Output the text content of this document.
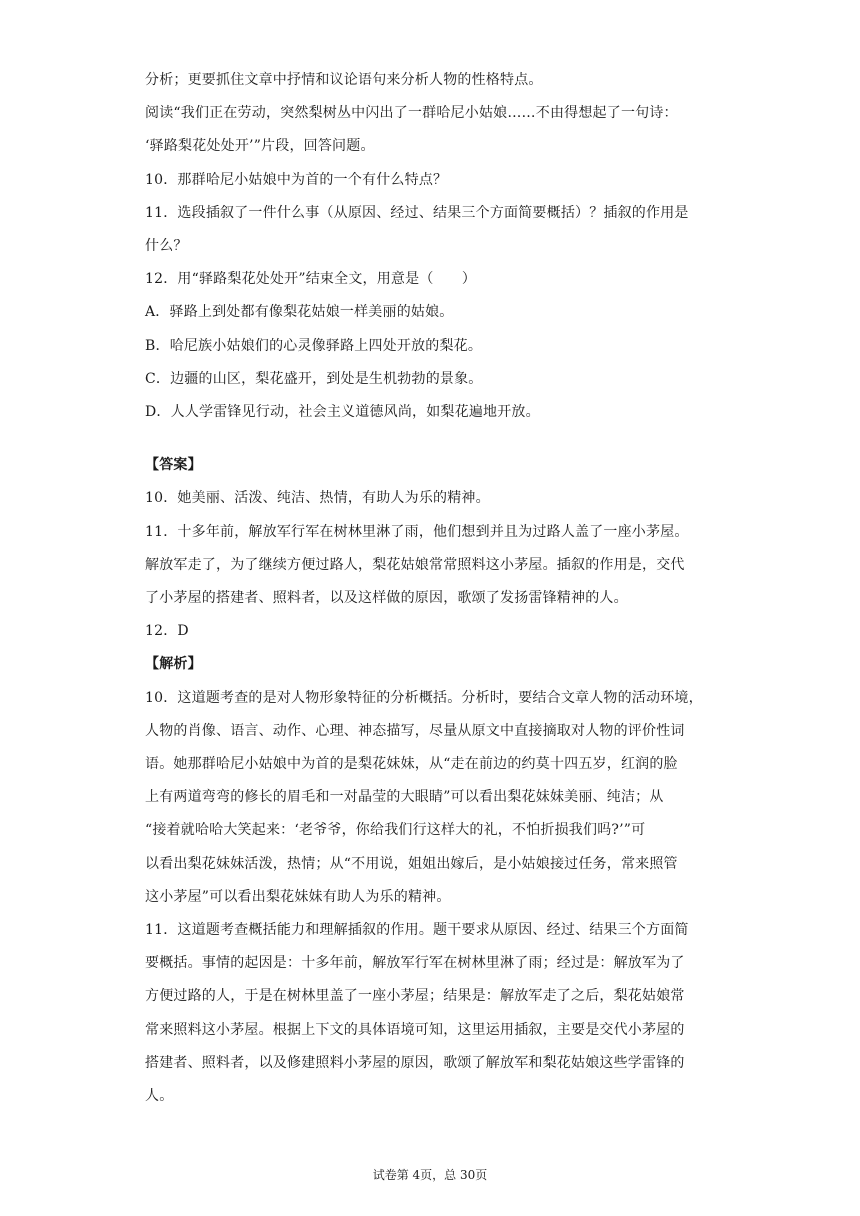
分析；更要抓住文章中抒情和议论语句来分析人物的性格特点。

阅读“我们正在劳动，突然梨树丛中闪出了一群哈尼小姑娘……不由得想起了一句诗：

‘驿路梨花处处开’”片段，回答问题。

10．那群哈尼小姑娘中为首的一个有什么特点？

11．选段插叙了一件什么事（从原因、经过、结果三个方面简要概括）？插叙的作用是

什么？

12．用“驿路梨花处处开”结束全文，用意是（　　）

A．驿路上到处都有像梨花姑娘一样美丽的姑娘。

B．哈尼族小姑娘们的心灵像驿路上四处开放的梨花。

C．边疆的山区，梨花盛开，到处是生机勃勃的景象。

D．人人学雷锋见行动，社会主义道德风尚，如梨花遍地开放。

【答案】

10．她美丽、活泼、纯洁、热情，有助人为乐的精神。

11．十多年前，解放军行军在树林里淋了雨，他们想到并且为过路人盖了一座小茅屋。

解放军走了，为了继续方便过路人，梨花姑娘常常照料这小茅屋。插叙的作用是，交代

了小茅屋的搭建者、照料者，以及这样做的原因，歌颂了发扬雷锋精神的人。

12．D

【解析】

10．这道题考查的是对人物形象特征的分析概括。分析时，要结合文章人物的活动环境，

人物的肖像、语言、动作、心理、神态描写，尽量从原文中直接摘取对人物的评价性词

语。她那群哈尼小姑娘中为首的是梨花妹妹，从“走在前边的约莫十四五岁，红润的脸

上有两道弯弯的修长的眉毛和一对晶莹的大眼睛”可以看出梨花妹妹美丽、纯洁；从

“接着就哈哈大笑起来：‘老爷爷，你给我们行这样大的礼，不怕折损我们吗?’”可

以看出梨花妹妹活泼，热情；从“不用说，姐姐出嫁后，是小姑娘接过任务，常来照管

这小茅屋”可以看出梨花妹妹有助人为乐的精神。

11．这道题考查概括能力和理解插叙的作用。题干要求从原因、经过、结果三个方面简

要概括。事情的起因是：十多年前，解放军行军在树林里淋了雨；经过是：解放军为了

方便过路的人，于是在树林里盖了一座小茅屋；结果是：解放军走了之后，梨花姑娘常

常来照料这小茅屋。根据上下文的具体语境可知，这里运用插叙，主要是交代小茅屋的

搭建者、照料者，以及修建照料小茅屋的原因，歌颂了解放军和梨花姑娘这些学雷锋的

人。

试卷第 4页，总 30页
